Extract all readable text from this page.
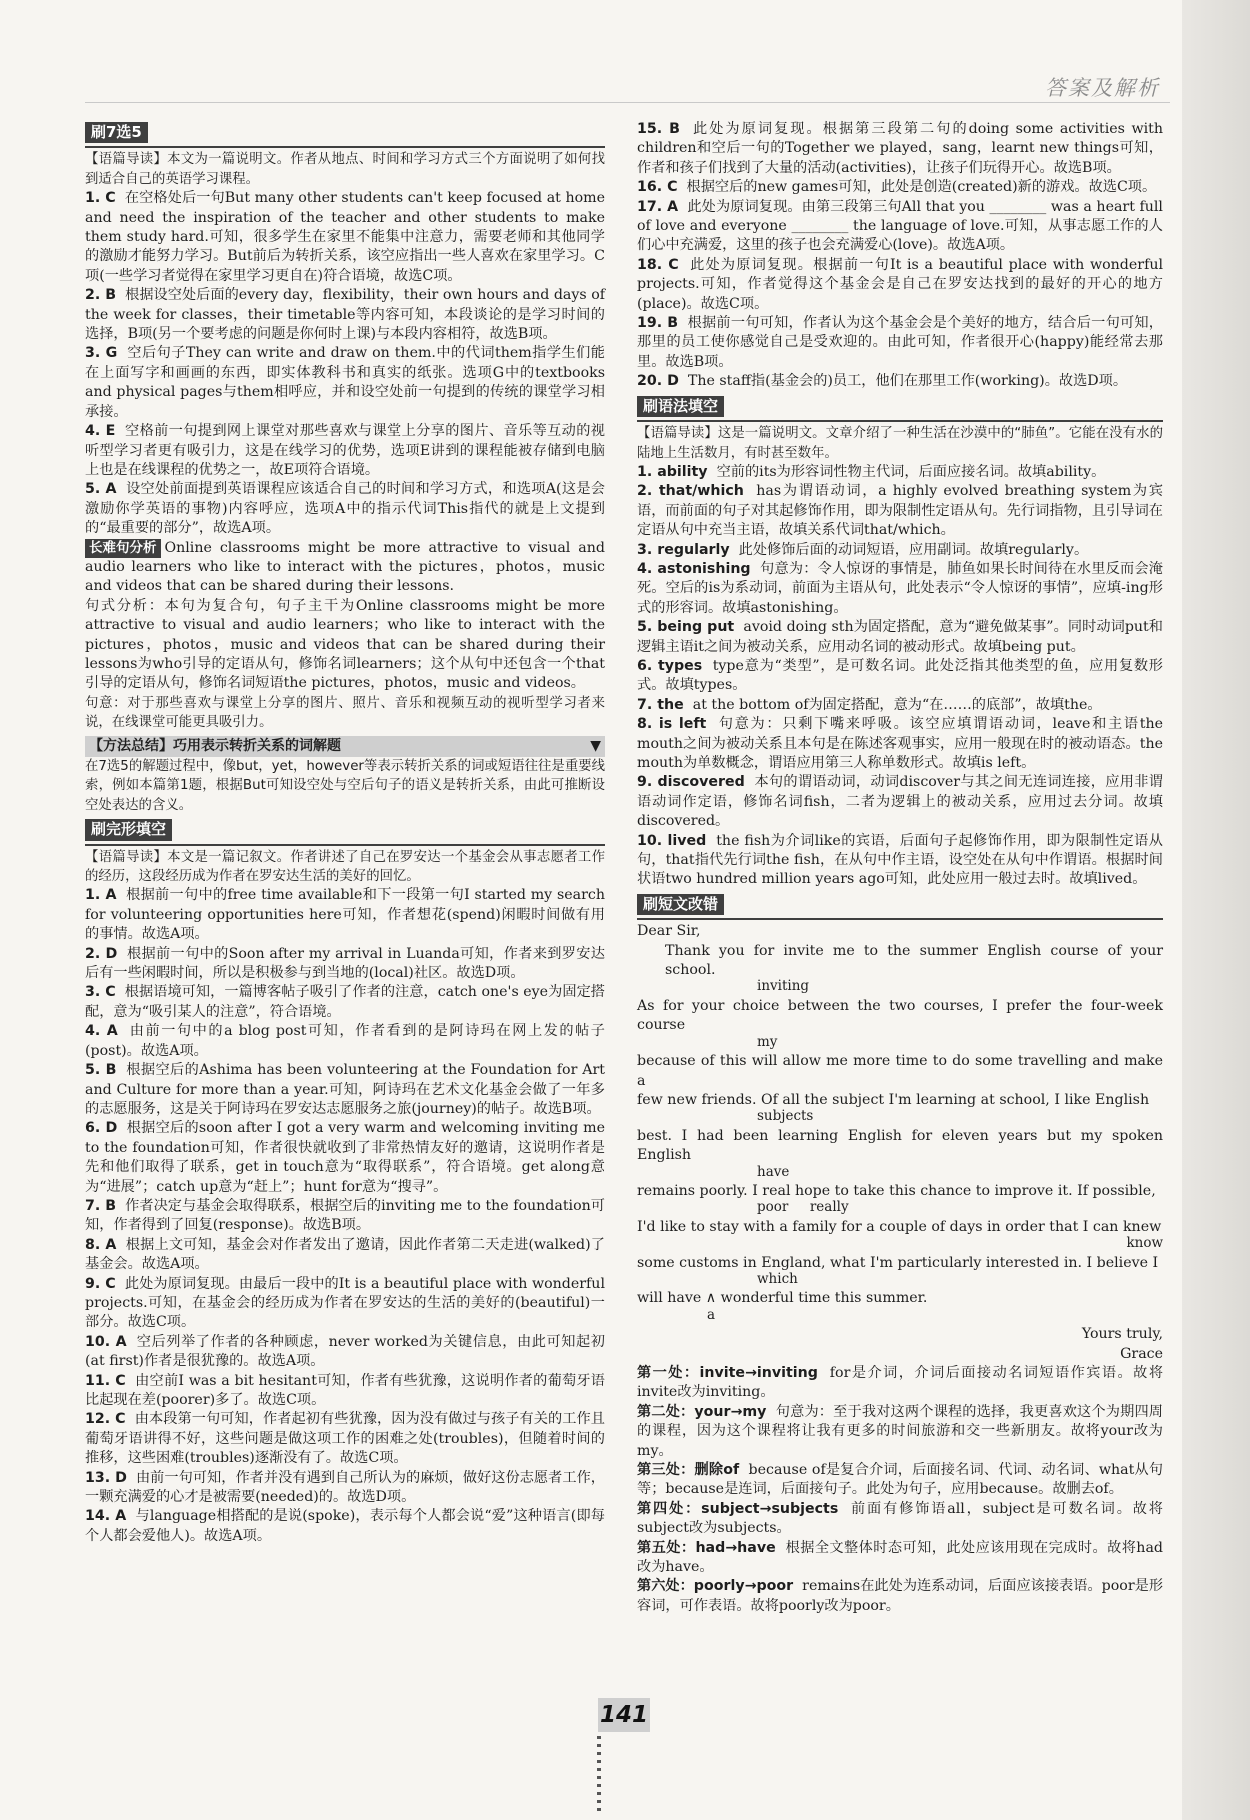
答案及解析
刷7选5
【语篇导读】本文为一篇说明文。作者从地点、时间和学习方式三个方面说明了如何找到适合自己的英语学习课程。

1. C 在空格处后一句But many other students can't keep focused at home and need the inspiration of the teacher and other students to make them study hard.可知，很多学生在家里不能集中注意力，需要老师和其他同学的激励才能努力学习。But前后为转折关系，该空应指出一些人喜欢在家里学习。C项(一些学习者觉得在家里学习更自在)符合语境，故选C项。

2. B 根据设空处后面的every day，flexibility，their own hours and days of the week for classes，their timetable等内容可知，本段谈论的是学习时间的选择，B项(另一个要考虑的问题是你何时上课)与本段内容相符，故选B项。

3. G 空后句子They can write and draw on them.中的代词them指学生们能在上面写字和画画的东西，即实体教科书和真实的纸张。选项G中的textbooks and physical pages与them相呼应，并和设空处前一句提到的传统的课堂学习相承接。

4. E 空格前一句提到网上课堂对那些喜欢与课堂上分享的图片、音乐等互动的视听型学习者更有吸引力，这是在线学习的优势，选项E讲到的课程能被存储到电脑上也是在线课程的优势之一，故E项符合语境。

5. A 设空处前面提到英语课程应该适合自己的时间和学习方式，和选项A(这是会激励你学英语的事物)内容呼应，选项A中的指示代词This指代的就是上文提到的“最重要的部分”，故选A项。

长难句分析 Online classrooms might be more attractive to visual and audio learners who like to interact with the pictures，photos，music and videos that can be shared during their lessons.

句式分析：本句为复合句，句子主干为Online classrooms might be more attractive to visual and audio learners；who like to interact with the pictures，photos，music and videos that can be shared during their lessons为who引导的定语从句，修饰名词learners；这个从句中还包含一个that引导的定语从句，修饰名词短语the pictures，photos，music and videos。

句意：对于那些喜欢与课堂上分享的图片、照片、音乐和视频互动的视听型学习者来说，在线课堂可能更具吸引力。

【方法总结】巧用表示转折关系的词解题	▼
在7选5的解题过程中，像but，yet，however等表示转折关系的词或短语往往是重要线索，例如本篇第1题，根据But可知设空处与空后句子的语义是转折关系，由此可推断设空处表达的含义。
刷完形填空
【语篇导读】本文是一篇记叙文。作者讲述了自己在罗安达一个基金会从事志愿者工作的经历，这段经历成为作者在罗安达生活的美好的回忆。

1. A 根据前一句中的free time available和下一段第一句I started my search for volunteering opportunities here可知，作者想花(spend)闲暇时间做有用的事情。故选A项。

2. D 根据前一句中的Soon after my arrival in Luanda可知，作者来到罗安达后有一些闲暇时间，所以是积极参与到当地的(local)社区。故选D项。

3. C 根据语境可知，一篇博客帖子吸引了作者的注意，catch one's eye为固定搭配，意为“吸引某人的注意”，符合语境。

4. A 由前一句中的a blog post可知，作者看到的是阿诗玛在网上发的帖子(post)。故选A项。

5. B 根据空后的Ashima has been volunteering at the Foundation for Art and Culture for more than a year.可知，阿诗玛在艺术文化基金会做了一年多的志愿服务，这是关于阿诗玛在罗安达志愿服务之旅(journey)的帖子。故选B项。

6. D 根据空后的soon after I got a very warm and welcoming inviting me to the foundation可知，作者很快就收到了非常热情友好的邀请，这说明作者是先和他们取得了联系，get in touch意为“取得联系”，符合语境。get along意为“进展”；catch up意为“赶上”；hunt for意为“搜寻”。

7. B 作者决定与基金会取得联系，根据空后的inviting me to the foundation可知，作者得到了回复(response)。故选B项。

8. A 根据上文可知，基金会对作者发出了邀请，因此作者第二天走进(walked)了基金会。故选A项。

9. C 此处为原词复现。由最后一段中的It is a beautiful place with wonderful projects.可知，在基金会的经历成为作者在罗安达的生活的美好的(beautiful)一部分。故选C项。

10. A 空后列举了作者的各种顾虑，never worked为关键信息，由此可知起初(at first)作者是很犹豫的。故选A项。

11. C 由空前I was a bit hesitant可知，作者有些犹豫，这说明作者的葡萄牙语比起现在差(poorer)多了。故选C项。

12. C 由本段第一句可知，作者起初有些犹豫，因为没有做过与孩子有关的工作且葡萄牙语讲得不好，这些问题是做这项工作的困难之处(troubles)，但随着时间的推移，这些困难(troubles)逐渐没有了。故选C项。

13. D 由前一句可知，作者并没有遇到自己所认为的麻烦，做好这份志愿者工作，一颗充满爱的心才是被需要(needed)的。故选D项。

14. A 与language相搭配的是说(spoke)，表示每个人都会说“爱”这种语言(即每个人都会爱他人)。故选A项。

15. B 此处为原词复现。根据第三段第二句的doing some activities with children和空后一句的Together we played，sang，learnt new things可知，作者和孩子们找到了大量的活动(activities)，让孩子们玩得开心。故选B项。

16. C 根据空后的new games可知，此处是创造(created)新的游戏。故选C项。

17. A 此处为原词复现。由第三段第三句All that you ________ was a heart full of love and everyone ________ the language of love.可知，从事志愿工作的人们心中充满爱，这里的孩子也会充满爱心(love)。故选A项。

18. C 此处为原词复现。根据前一句It is a beautiful place with wonderful projects.可知，作者觉得这个基金会是自己在罗安达找到的最好的开心的地方(place)。故选C项。

19. B 根据前一句可知，作者认为这个基金会是个美好的地方，结合后一句可知，那里的员工使你感觉自己是受欢迎的。由此可知，作者很开心(happy)能经常去那里。故选B项。

20. D The staff指(基金会的)员工，他们在那里工作(working)。故选D项。

刷语法填空
【语篇导读】这是一篇说明文。文章介绍了一种生活在沙漠中的“肺鱼”。它能在没有水的陆地上生活数月，有时甚至数年。

1. ability 空前的its为形容词性物主代词，后面应接名词。故填ability。

2. that/which has为谓语动词，a highly evolved breathing system为宾语，而前面的句子对其起修饰作用，即为限制性定语从句。先行词指物，且引导词在定语从句中充当主语，故填关系代词that/which。

3. regularly 此处修饰后面的动词短语，应用副词。故填regularly。

4. astonishing 句意为：令人惊讶的事情是，肺鱼如果长时间待在水里反而会淹死。空后的is为系动词，前面为主语从句，此处表示“令人惊讶的事情”，应填-ing形式的形容词。故填astonishing。

5. being put avoid doing sth为固定搭配，意为“避免做某事”。同时动词put和逻辑主语it之间为被动关系，应用动名词的被动形式。故填being put。

6. types type意为“类型”，是可数名词。此处泛指其他类型的鱼，应用复数形式。故填types。

7. the at the bottom of为固定搭配，意为“在……的底部”，故填the。

8. is left 句意为：只剩下嘴来呼吸。该空应填谓语动词，leave和主语the mouth之间为被动关系且本句是在陈述客观事实，应用一般现在时的被动语态。the mouth为单数概念，谓语应用第三人称单数形式。故填is left。

9. discovered 本句的谓语动词，动词discover与其之间无连词连接，应用非谓语动词作定语，修饰名词fish，二者为逻辑上的被动关系，应用过去分词。故填discovered。

10. lived the fish为介词like的宾语，后面句子起修饰作用，即为限制性定语从句，that指代先行词the fish，在从句中作主语，设空处在从句中作谓语。根据时间状语two hundred million years ago可知，此处应用一般过去时。故填lived。

刷短文改错

Dear Sir,

Thank you for invite me to the summer English course of your school.

inviting

As for your choice between the two courses, I prefer the four-week course

my

because of this will allow me more time to do some travelling and make a

few new friends. Of all the subject I'm learning at school, I like English

subjects

best. I had been learning English for eleven years but my spoken English

have

remains poorly. I real hope to take this chance to improve it. If possible,

poor really

I'd like to stay with a family for a couple of days in order that I can knew

know

some customs in England, what I'm particularly interested in. I believe I

which

will have ∧ wonderful time this summer.

a

Yours truly,

Grace

第一处：invite→inviting for是介词，介词后面接动名词短语作宾语。故将invite改为inviting。

第二处：your→my 句意为：至于我对这两个课程的选择，我更喜欢这个为期四周的课程，因为这个课程将让我有更多的时间旅游和交一些新朋友。故将your改为my。

第三处：删除of because of是复合介词，后面接名词、代词、动名词、what从句等；because是连词，后面接句子。此处为句子，应用because。故删去of。

第四处：subject→subjects 前面有修饰语all，subject是可数名词。故将subject改为subjects。

第五处：had→have 根据全文整体时态可知，此处应该用现在完成时。故将had改为have。

第六处：poorly→poor remains在此处为连系动词，后面应该接表语。poor是形容词，可作表语。故将poorly改为poor。

141
